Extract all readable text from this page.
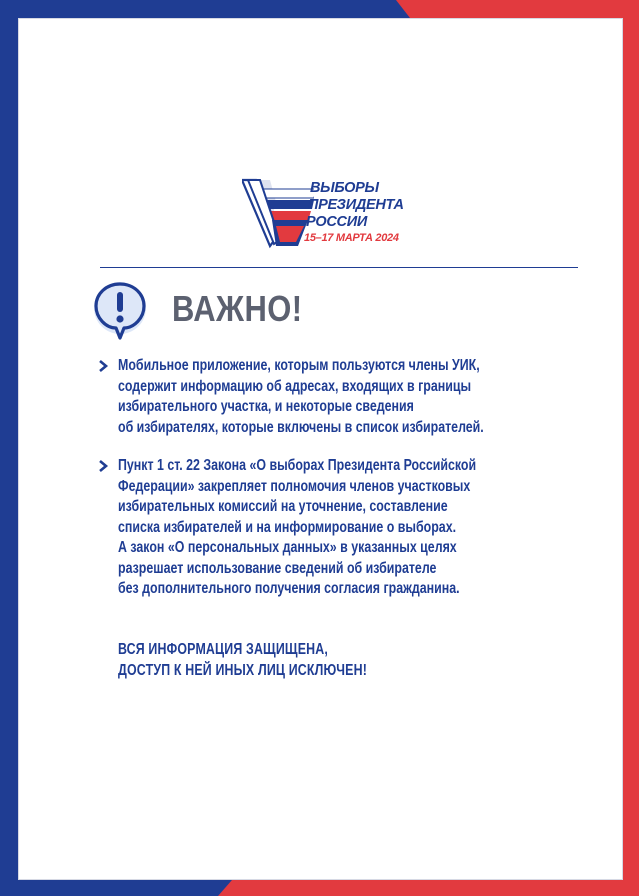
ВЫБОРЫ
ПРЕЗИДЕНТА
РОССИИ
15–17 МАРТА 2024
ВАЖНО!
Мобильное приложение, которым пользуются члены УИК,
содержит информацию об адресах, входящих в границы
избирательного участка, и некоторые сведения
об избирателях, которые включены в список избирателей.
Пункт 1 ст. 22 Закона «О выборах Президента Российской
Федерации» закрепляет полномочия членов участковых
избирательных комиссий на уточнение, составление
списка избирателей и на информирование о выборах.
А закон «О персональных данных» в указанных целях
разрешает использование сведений об избирателе
без дополнительного получения согласия гражданина.
ВСЯ ИНФОРМАЦИЯ ЗАЩИЩЕНА,
ДОСТУП К НЕЙ ИНЫХ ЛИЦ ИСКЛЮЧЕН!
